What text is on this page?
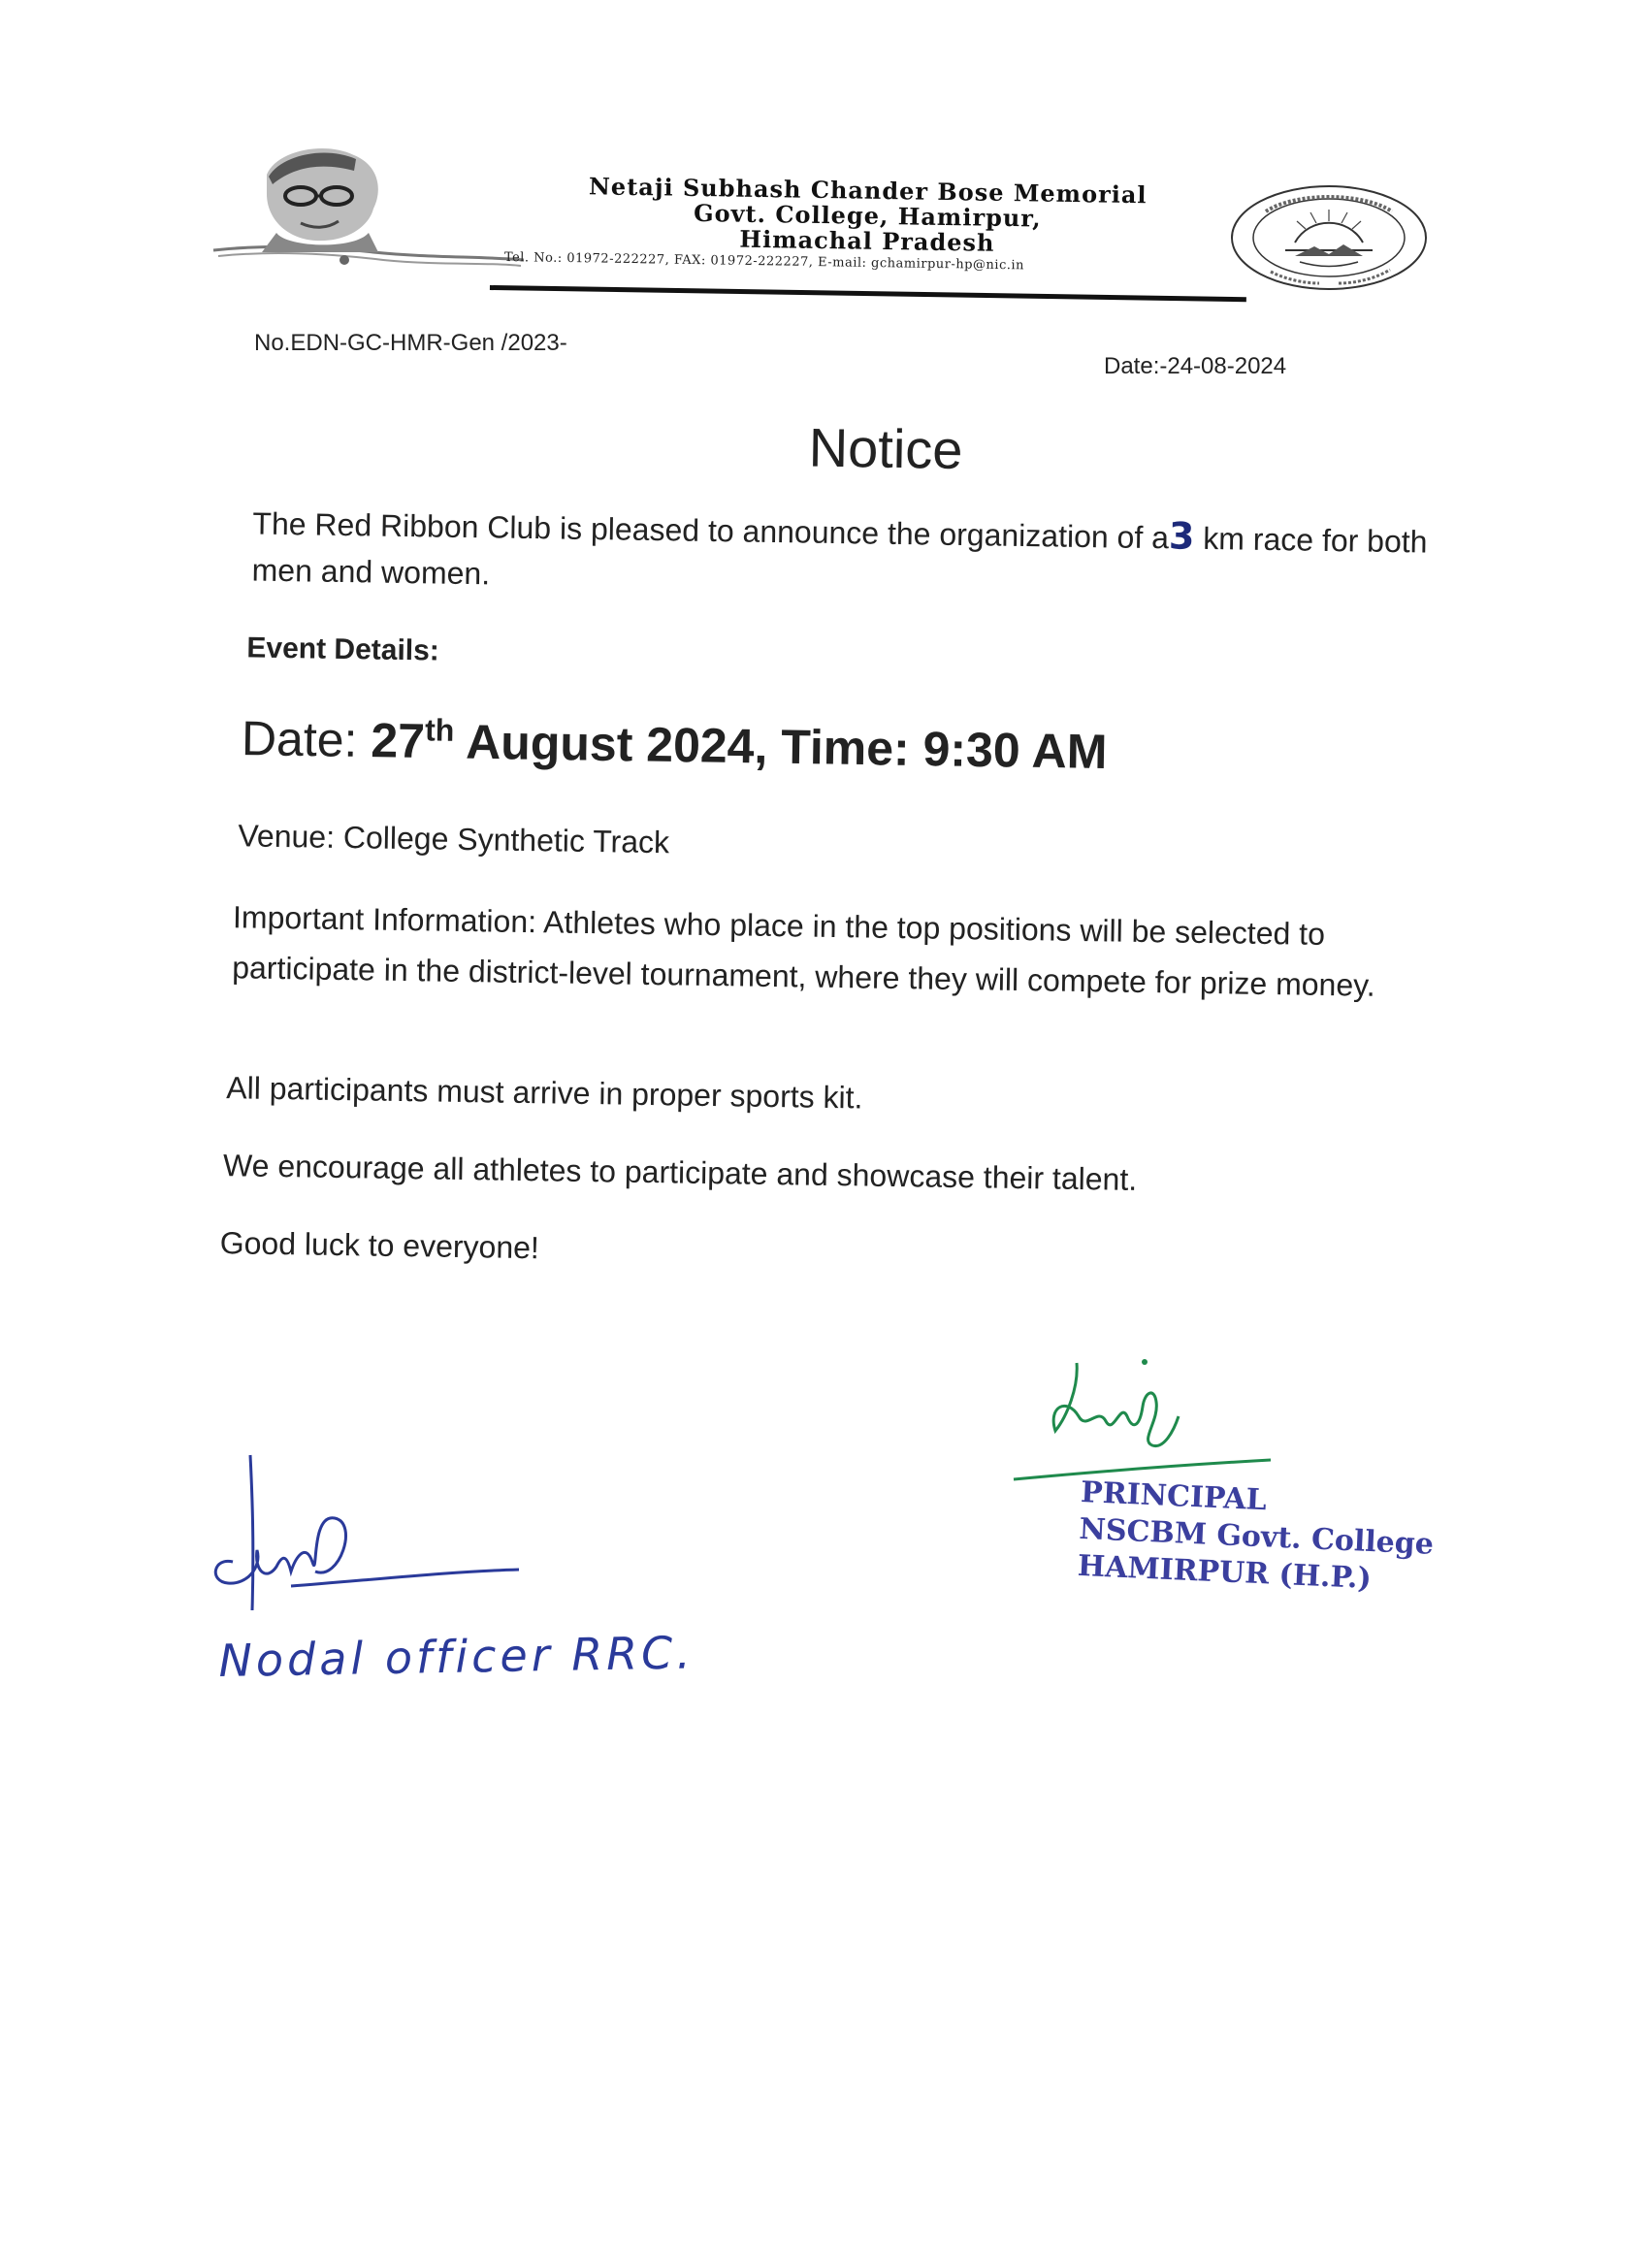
Netaji Subhash Chander Bose Memorial
Govt. College, Hamirpur,
Himachal Pradesh
Tel. No.: 01972-222227, FAX: 01972-222227, E-mail: gchamirpur-hp@nic.in
No.EDN-GC-HMR-Gen /2023-
Date:-24-08-2024
Notice
The Red Ribbon Club is pleased to announce the organization of a3 km race for both men and women.
Event Details:
Date: 27th August 2024, Time: 9:30 AM
Venue: College Synthetic Track
Important Information: Athletes who place in the top positions will be selected to participate in the district-level tournament, where they will compete for prize money.
All participants must arrive in proper sports kit.
We encourage all athletes to participate and showcase their talent.
Good luck to everyone!
Nodal officer RRC.
PRINCIPAL
NSCBM Govt. College
HAMIRPUR (H.P.)
